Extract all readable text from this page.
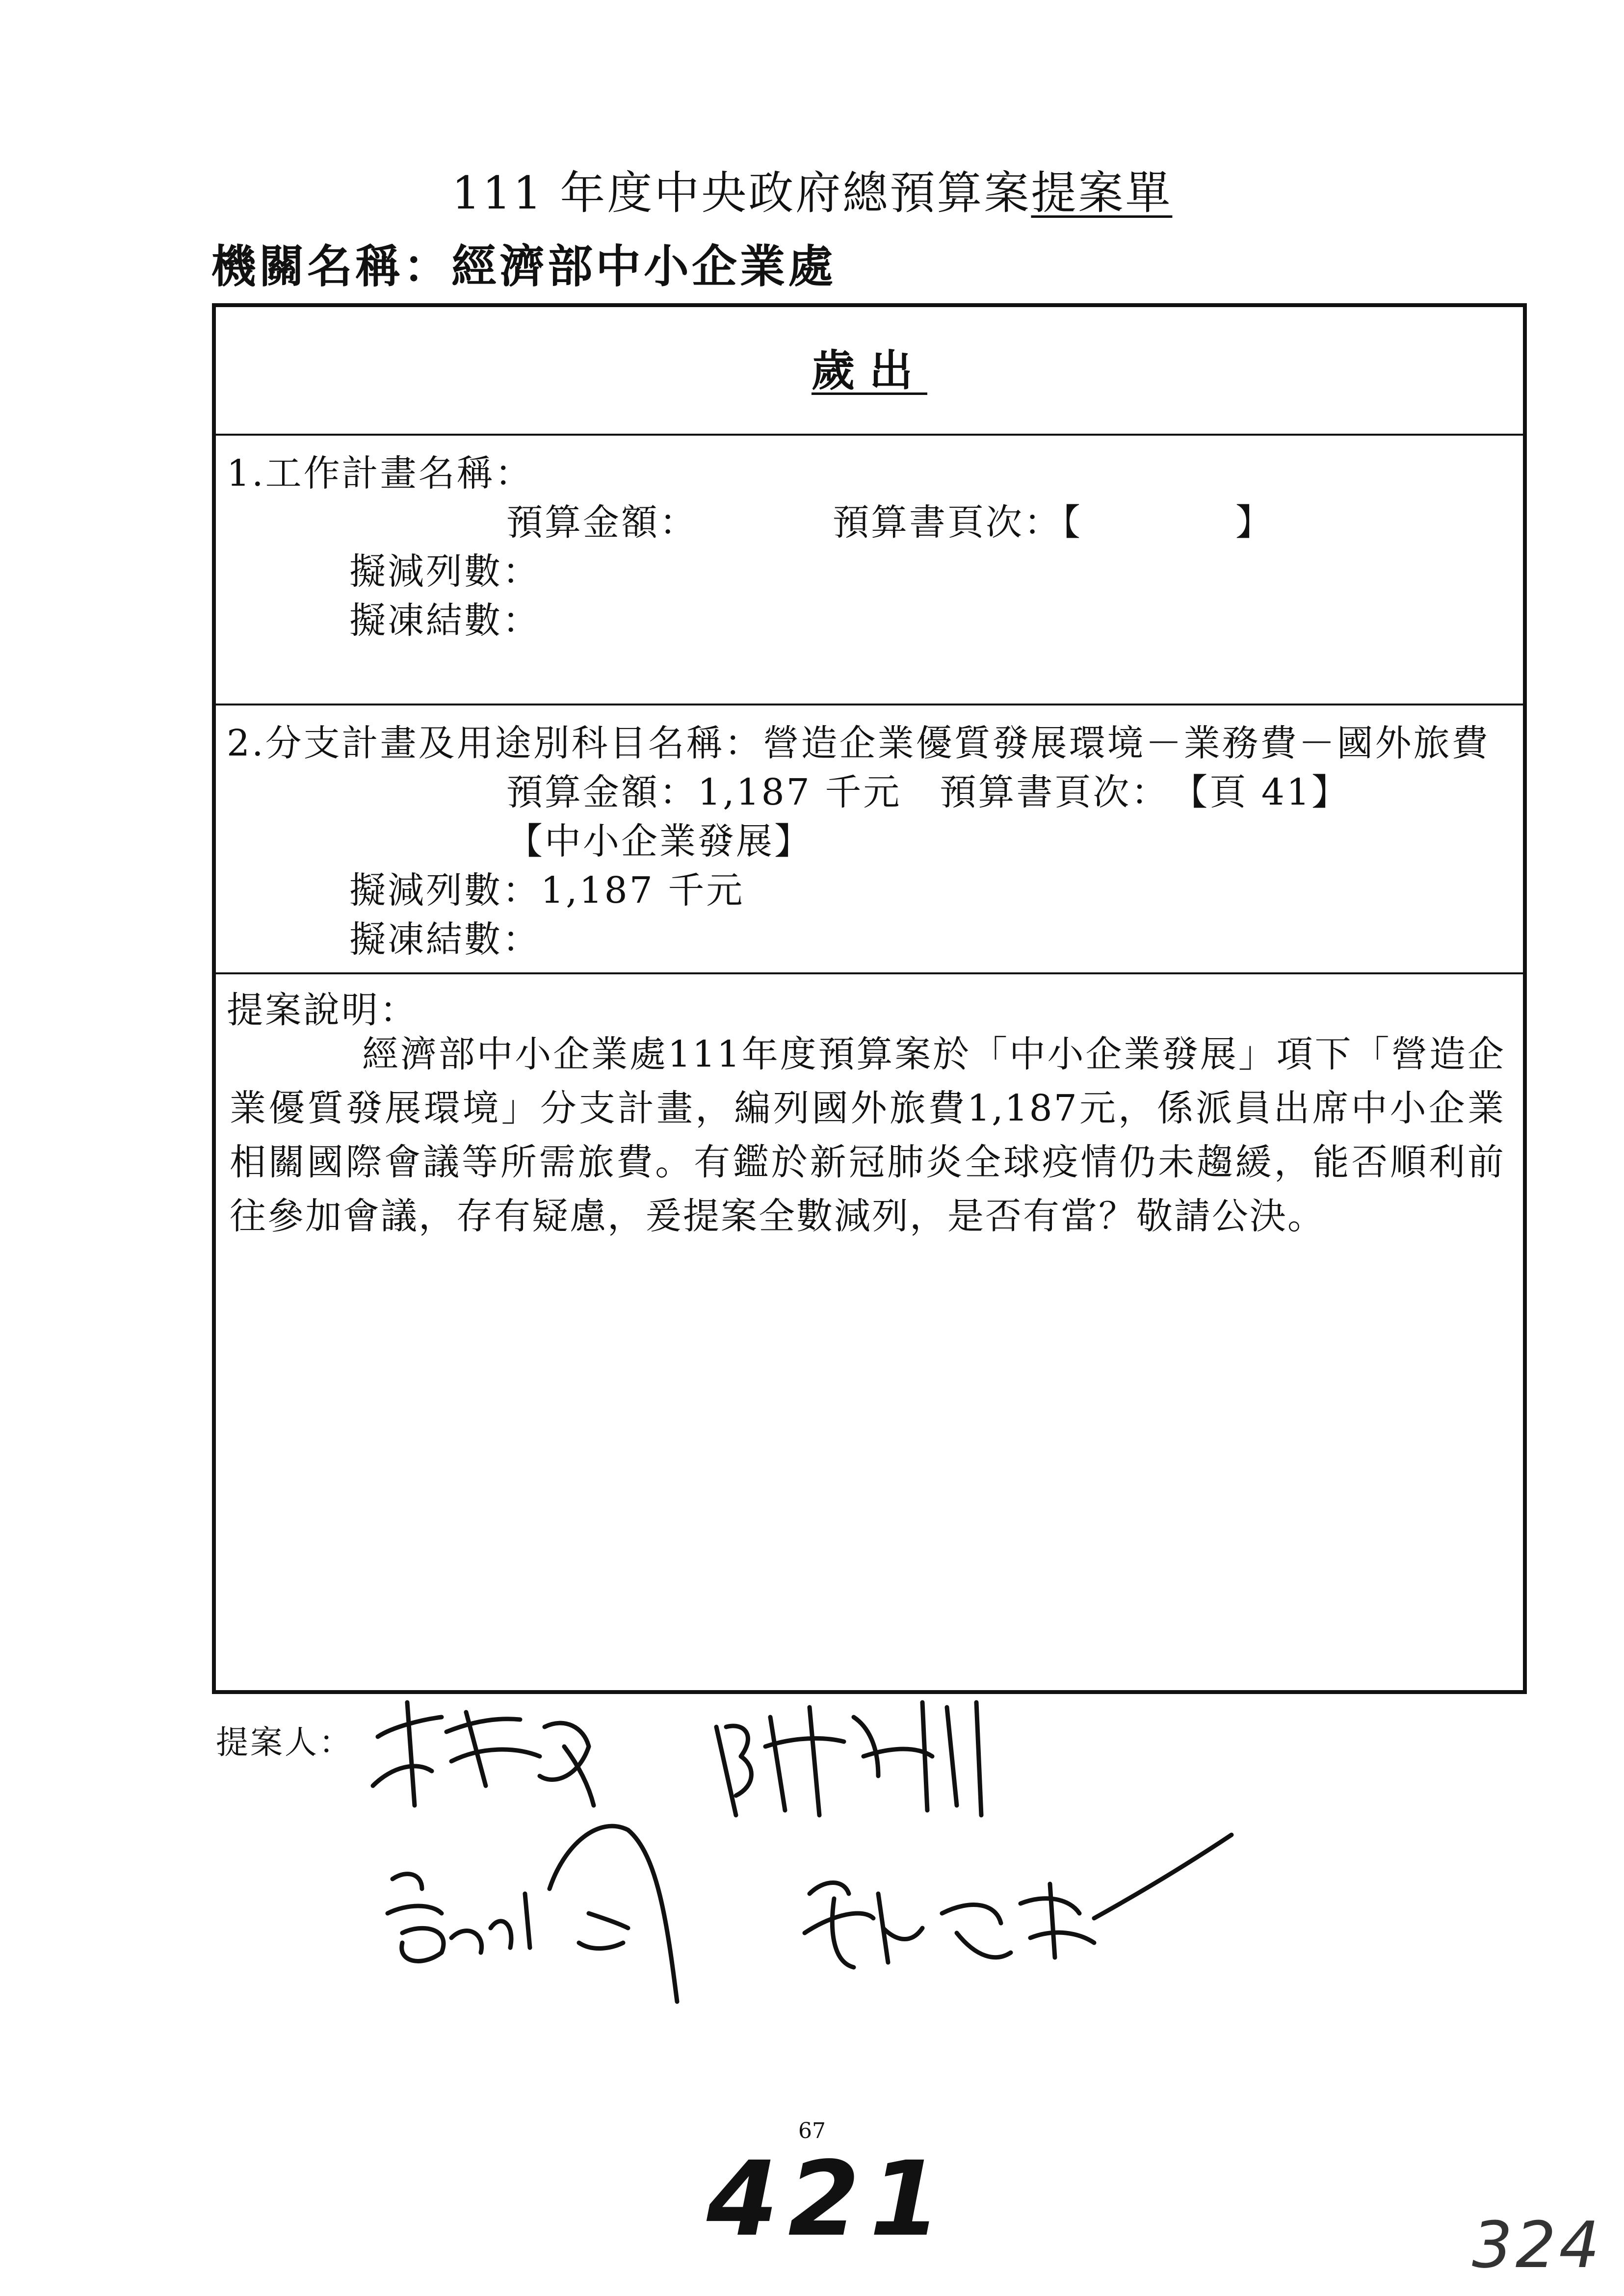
111 年度中央政府總預算案提案單
機關名稱：經濟部中小企業處
歲出
1.工作計畫名稱：
預算金額：　　　　預算書頁次：【　　　　】
擬減列數：
擬凍結數：
2.分支計畫及用途別科目名稱：營造企業優質發展環境－業務費－國外旅費
預算金額：1,187 千元　預算書頁次：　【頁 41】
【中小企業發展】
擬減列數：1,187 千元
擬凍結數：
提案說明：
經濟部中小企業處111年度預算案於「中小企業發展」項下「營造企業優質發展環境」分支計畫，編列國外旅費1,187元，係派員出席中小企業相關國際會議等所需旅費。有鑑於新冠肺炎全球疫情仍未趨緩，能否順利前往參加會議，存有疑慮，爰提案全數減列，是否有當？敬請公決。
提案人：
67
421	324
